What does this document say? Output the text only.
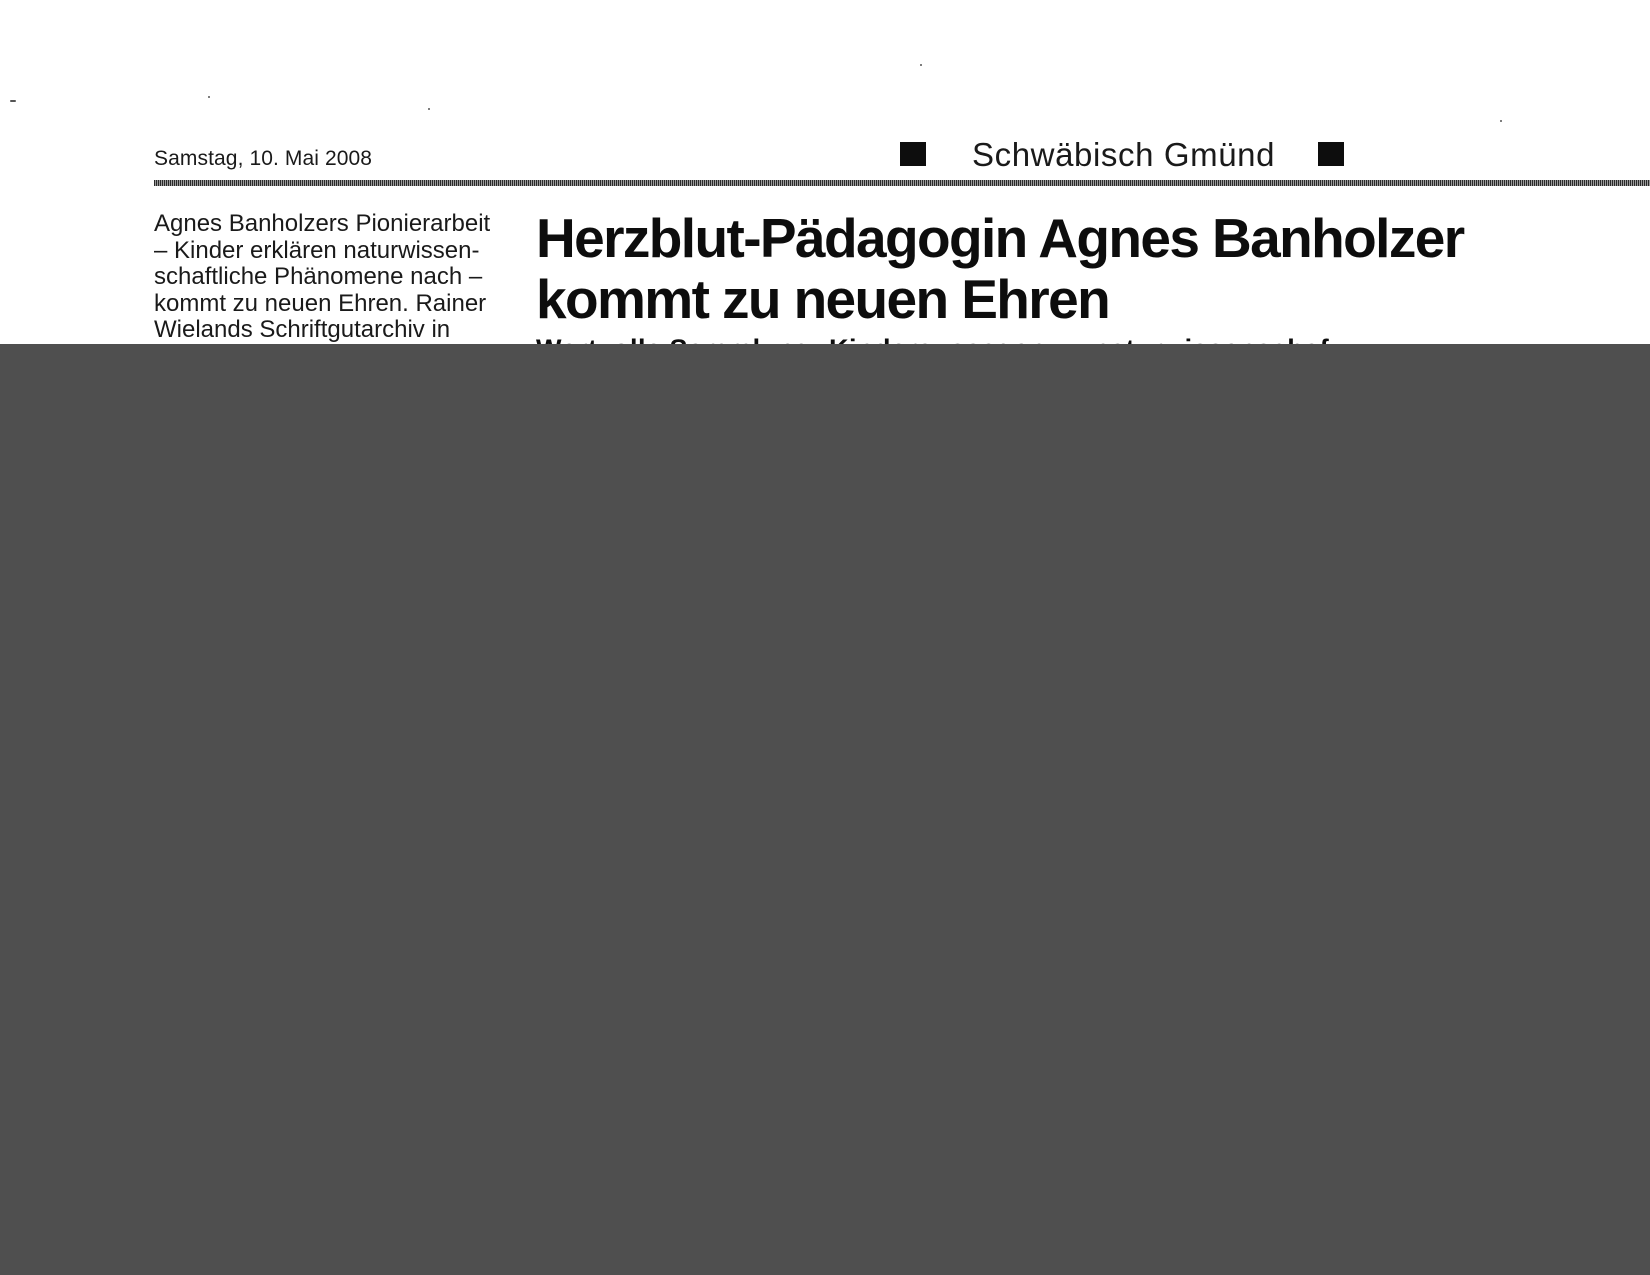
Samstag, 10. Mai 2008	Schwäbisch Gmünd
Agnes Banholzers Pionierarbeit
– Kinder erklären naturwissen-
schaftliche Phänomene nach –
kommt zu neuen Ehren. Rainer
Wielands Schriftgutarchiv in
Herzblut-Pädagogin Agnes Banholzer
kommt zu neuen Ehren
